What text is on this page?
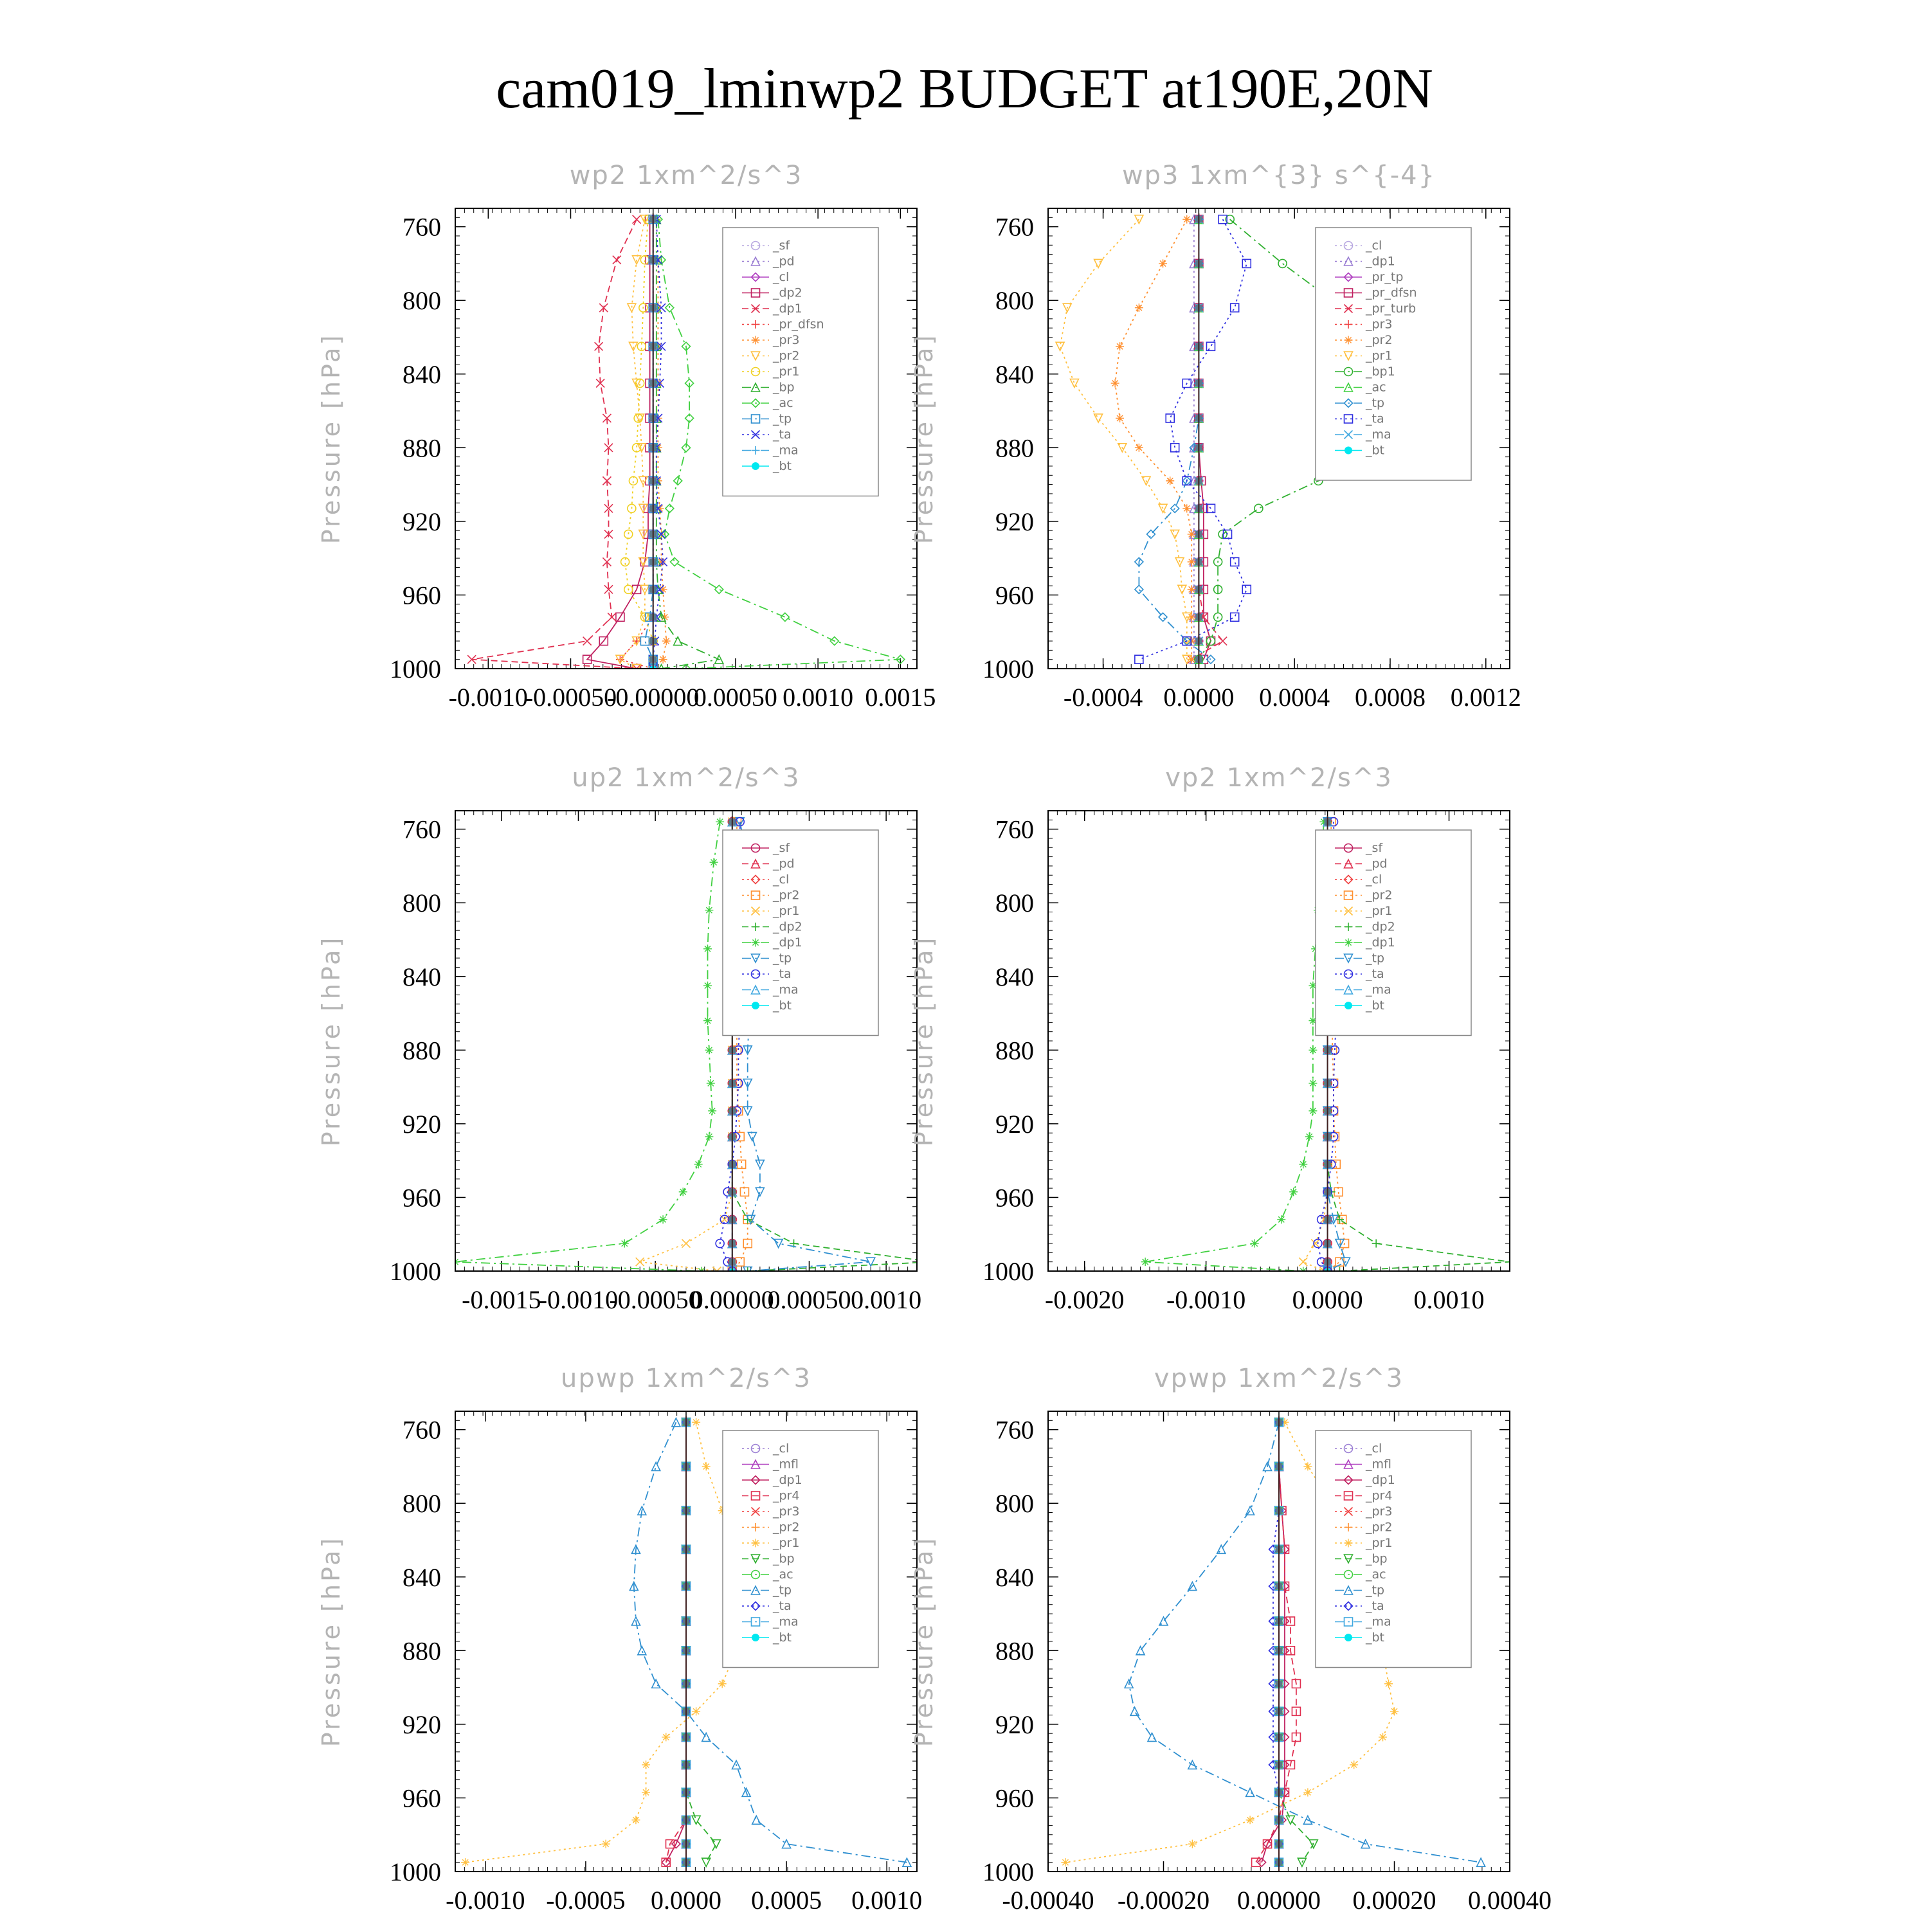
cam019_lminwp2 BUDGET at190E,20N
wp2 1xm^2/s^3
Pressure [hPa]
760
800
840
880
920
960
1000
-0.0010
-0.00050
-0.00000
0.00050 0.0010 0.0015
_sf
_pd
_cl
_dp2
_dp1
_pr_dfsn
_pr3
_pr2
_pr1
_bp
_ac
_tp
_ta
_ma
_bt
wp3 1xm^{3} s^{-4}
Pressure [hPa]
760
800
840
880
920
960
1000
-0.0004 0.0000 0.0004 0.0008 0.0012
_cl
_dp1
_pr_tp
_pr_dfsn
_pr_turb
_pr3
_pr2
_pr1
_bp1
_ac
_tp
_ta
_ma
_bt
up2 1xm^2/s^3
Pressure [hPa]
760
800
840
880
920
960
1000
-0.0015
-0.0010
-0.00050
0.00000
0.00050 0.0010
_sf
_pd
_cl
_pr2
_pr1
_dp2
_dp1
_tp
_ta
_ma
_bt
vp2 1xm^2/s^3
Pressure [hPa]
760
800
840
880
920
960
1000
-0.0020 -0.0010 0.0000 0.0010
_sf
_pd
_cl
_pr2
_pr1
_dp2
_dp1
_tp
_ta
_ma
_bt
upwp 1xm^2/s^3
Pressure [hPa]
760
800
840
880
920
960
1000
-0.0010 -0.0005 0.0000 0.0005 0.0010
_cl
_mfl
_dp1
_pr4
_pr3
_pr2
_pr1
_bp
_ac
_tp
_ta
_ma
_bt
vpwp 1xm^2/s^3
Pressure [hPa]
760
800
840
880
920
960
1000
-0.00040 -0.00020 0.00000 0.00020 0.00040
_cl
_mfl
_dp1
_pr4
_pr3
_pr2
_pr1
_bp
_ac
_tp
_ta
_ma
_bt
